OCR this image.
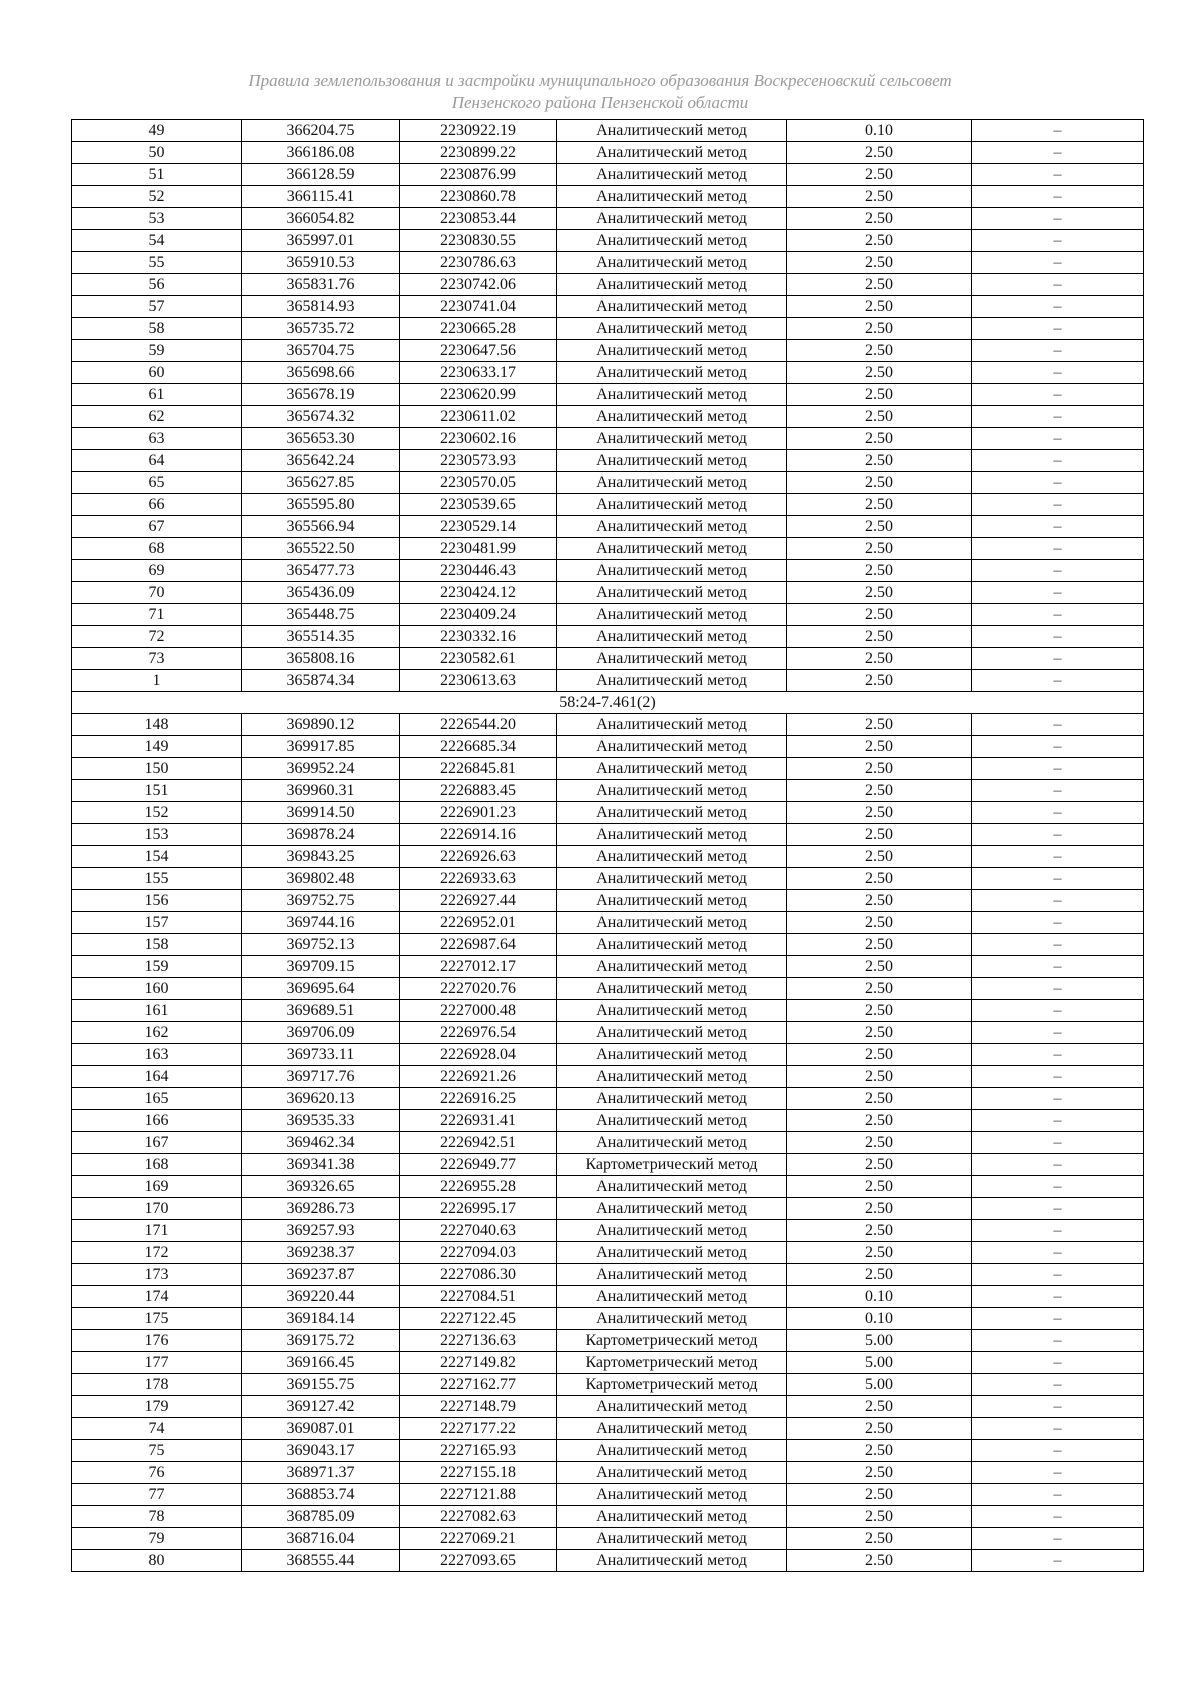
Правила землепользования и застройки муниципального образования Воскресеновский сельсовет
Пензенского района Пензенской области
49	366204.75	2230922.19	Аналитический метод	0.10	–
50	366186.08	2230899.22	Аналитический метод	2.50	–
51	366128.59	2230876.99	Аналитический метод	2.50	–
52	366115.41	2230860.78	Аналитический метод	2.50	–
53	366054.82	2230853.44	Аналитический метод	2.50	–
54	365997.01	2230830.55	Аналитический метод	2.50	–
55	365910.53	2230786.63	Аналитический метод	2.50	–
56	365831.76	2230742.06	Аналитический метод	2.50	–
57	365814.93	2230741.04	Аналитический метод	2.50	–
58	365735.72	2230665.28	Аналитический метод	2.50	–
59	365704.75	2230647.56	Аналитический метод	2.50	–
60	365698.66	2230633.17	Аналитический метод	2.50	–
61	365678.19	2230620.99	Аналитический метод	2.50	–
62	365674.32	2230611.02	Аналитический метод	2.50	–
63	365653.30	2230602.16	Аналитический метод	2.50	–
64	365642.24	2230573.93	Аналитический метод	2.50	–
65	365627.85	2230570.05	Аналитический метод	2.50	–
66	365595.80	2230539.65	Аналитический метод	2.50	–
67	365566.94	2230529.14	Аналитический метод	2.50	–
68	365522.50	2230481.99	Аналитический метод	2.50	–
69	365477.73	2230446.43	Аналитический метод	2.50	–
70	365436.09	2230424.12	Аналитический метод	2.50	–
71	365448.75	2230409.24	Аналитический метод	2.50	–
72	365514.35	2230332.16	Аналитический метод	2.50	–
73	365808.16	2230582.61	Аналитический метод	2.50	–
1	365874.34	2230613.63	Аналитический метод	2.50	–
58:24-7.461(2)					
148	369890.12	2226544.20	Аналитический метод	2.50	–
149	369917.85	2226685.34	Аналитический метод	2.50	–
150	369952.24	2226845.81	Аналитический метод	2.50	–
151	369960.31	2226883.45	Аналитический метод	2.50	–
152	369914.50	2226901.23	Аналитический метод	2.50	–
153	369878.24	2226914.16	Аналитический метод	2.50	–
154	369843.25	2226926.63	Аналитический метод	2.50	–
155	369802.48	2226933.63	Аналитический метод	2.50	–
156	369752.75	2226927.44	Аналитический метод	2.50	–
157	369744.16	2226952.01	Аналитический метод	2.50	–
158	369752.13	2226987.64	Аналитический метод	2.50	–
159	369709.15	2227012.17	Аналитический метод	2.50	–
160	369695.64	2227020.76	Аналитический метод	2.50	–
161	369689.51	2227000.48	Аналитический метод	2.50	–
162	369706.09	2226976.54	Аналитический метод	2.50	–
163	369733.11	2226928.04	Аналитический метод	2.50	–
164	369717.76	2226921.26	Аналитический метод	2.50	–
165	369620.13	2226916.25	Аналитический метод	2.50	–
166	369535.33	2226931.41	Аналитический метод	2.50	–
167	369462.34	2226942.51	Аналитический метод	2.50	–
168	369341.38	2226949.77	Картометрический метод	2.50	–
169	369326.65	2226955.28	Аналитический метод	2.50	–
170	369286.73	2226995.17	Аналитический метод	2.50	–
171	369257.93	2227040.63	Аналитический метод	2.50	–
172	369238.37	2227094.03	Аналитический метод	2.50	–
173	369237.87	2227086.30	Аналитический метод	2.50	–
174	369220.44	2227084.51	Аналитический метод	0.10	–
175	369184.14	2227122.45	Аналитический метод	0.10	–
176	369175.72	2227136.63	Картометрический метод	5.00	–
177	369166.45	2227149.82	Картометрический метод	5.00	–
178	369155.75	2227162.77	Картометрический метод	5.00	–
179	369127.42	2227148.79	Аналитический метод	2.50	–
74	369087.01	2227177.22	Аналитический метод	2.50	–
75	369043.17	2227165.93	Аналитический метод	2.50	–
76	368971.37	2227155.18	Аналитический метод	2.50	–
77	368853.74	2227121.88	Аналитический метод	2.50	–
78	368785.09	2227082.63	Аналитический метод	2.50	–
79	368716.04	2227069.21	Аналитический метод	2.50	–
80	368555.44	2227093.65	Аналитический метод	2.50	–
